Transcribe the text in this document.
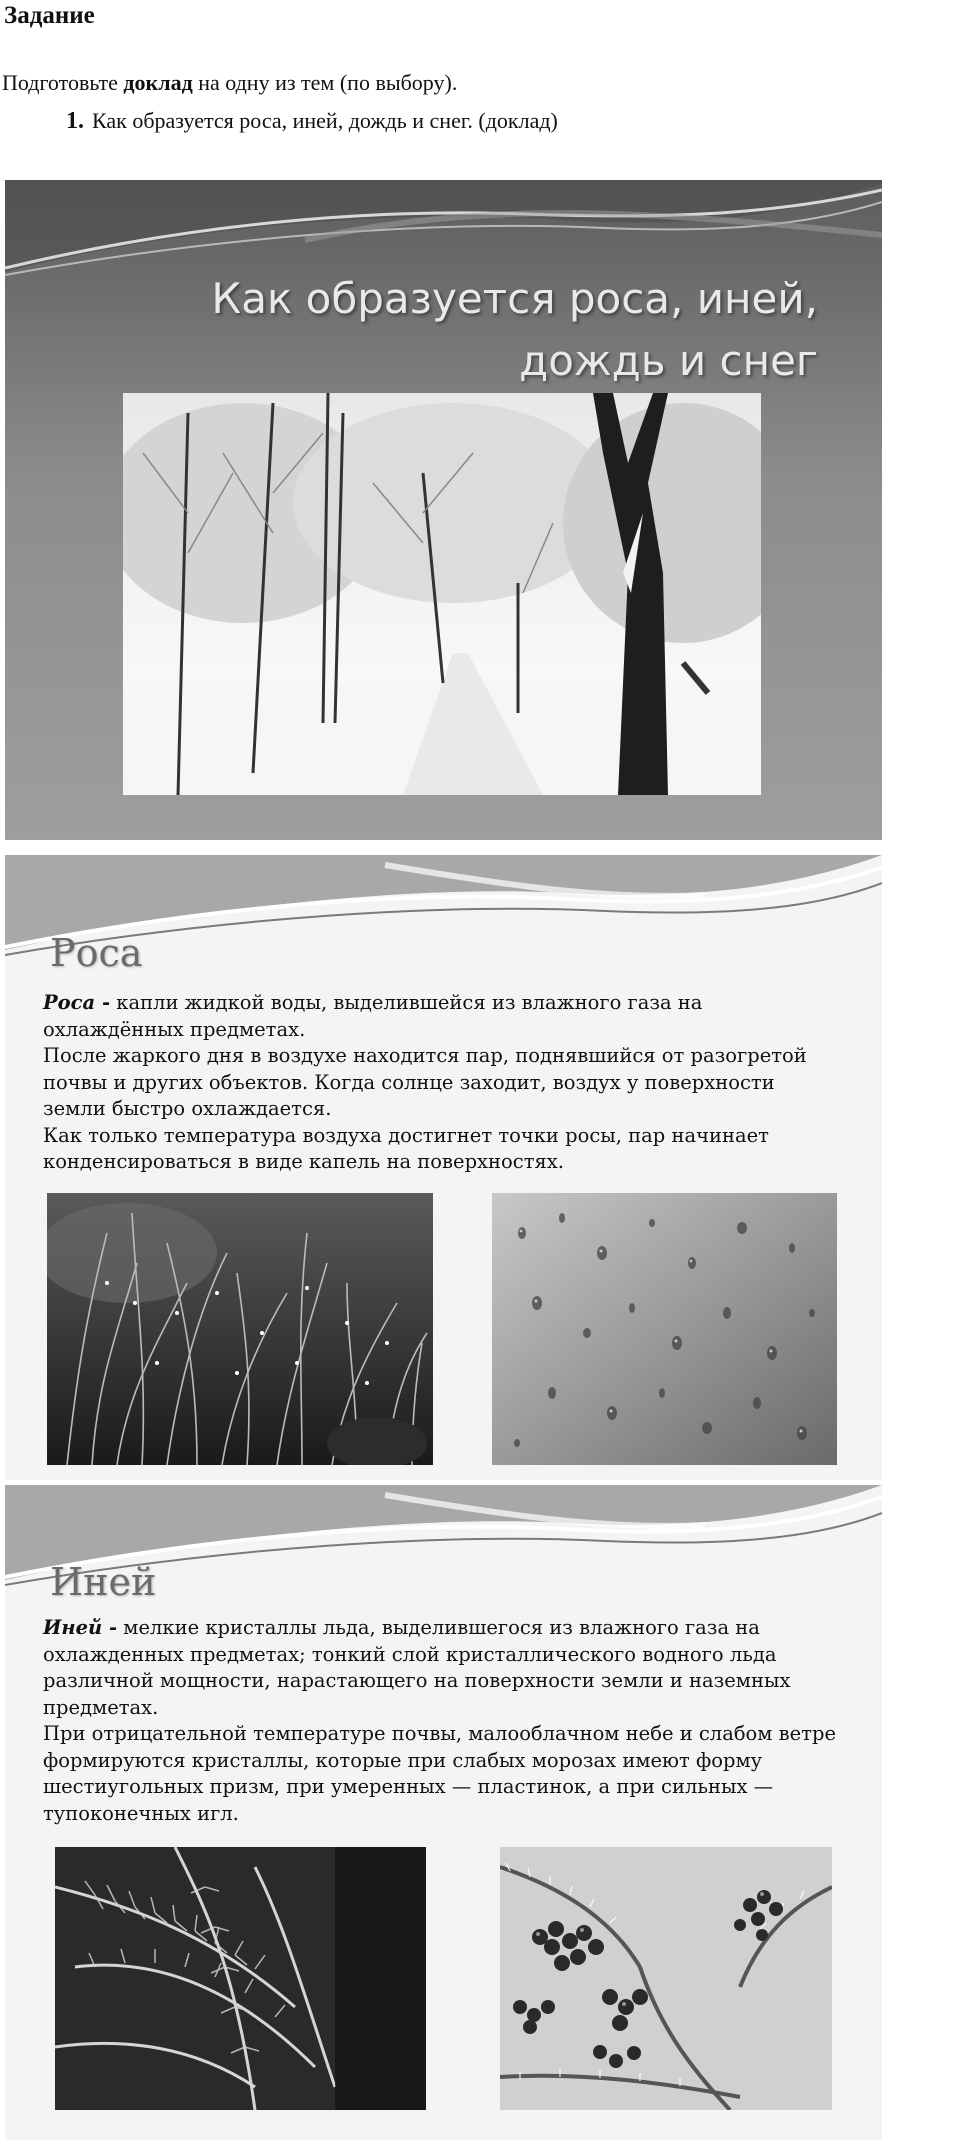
Задание
Подготовьте доклад на одну из тем (по выбору).
1. Как образуется роса, иней, дождь и снег. (доклад)
Как образуется роса, иней,
дождь и снег
Роса

Роса - капли жидкой воды, выделившейся из влажного газа на охлаждённых предметах.

После жаркого дня в воздухе находится пар, поднявшийся от разогретой почвы и других объектов. Когда солнце заходит, воздух у поверхности земли быстро охлаждается.

Как только температура воздуха достигнет точки росы, пар начинает конденсироваться в виде капель на поверхностях.

Иней

Иней - мелкие кристаллы льда, выделившегося из влажного газа на охлажденных предметах; тонкий слой кристаллического водного льда различной мощности, нарастающего на поверхности земли и наземных предметах.

При отрицательной температуре почвы, малооблачном небе и слабом ветре формируются кристаллы, которые при слабых морозах имеют форму шестиугольных призм, при умеренных — пластинок, а при сильных — тупоконечных игл.
